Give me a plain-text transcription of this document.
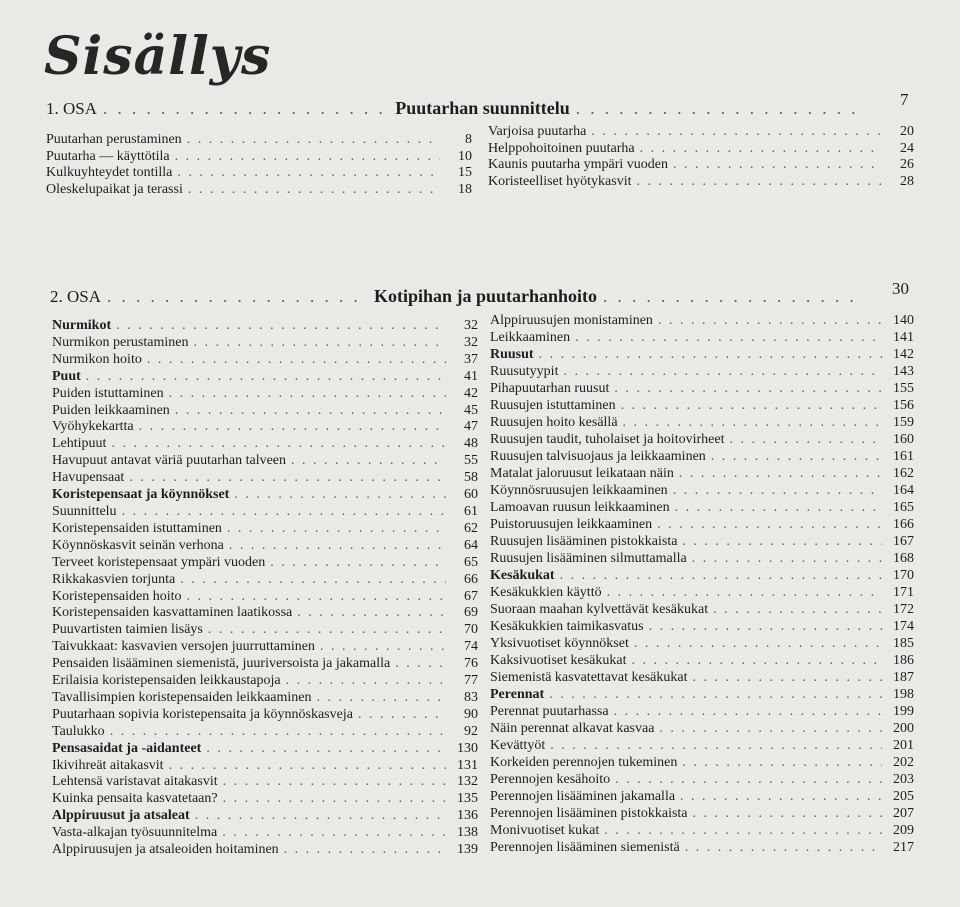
Sisällys
1. OSA . . .	Puutarhan suunnittelu . . .	7
Puutarhan perustaminen . . .	8
Puutarha — käyttötila . . .	10
Kulkuyhteydet tontilla . . .	15
Oleskelupaikat ja terassi . . .	18
Varjoisa puutarha . . .	20
Helppohoitoinen puutarha . . .	24
Kaunis puutarha ympäri vuoden . . .	26
Koristeelliset hyötykasvit . . .	28
2. OSA . . .	Kotipihan ja puutarhanhoito . . .	30
Nurmikot . . .	32
Nurmikon perustaminen . . .	32
Nurmikon hoito . . .	37
Puut . . .	41
Puiden istuttaminen . . .	42
Puiden leikkaaminen . . .	45
Vyöhykekartta . . .	47
Lehtipuut . . .	48
Havupuut antavat väriä puutarhan talveen . . .	55
Havupensaat . . .	58
Koristepensaat ja köynnökset . . .	60
Suunnittelu . . .	61
Koristepensaiden istuttaminen . . .	62
Köynnöskasvit seinän verhona . . .	64
Terveet koristepensaat ympäri vuoden . . .	65
Rikkakasvien torjunta . . .	66
Koristepensaiden hoito . . .	67
Koristepensaiden kasvattaminen laatikossa . . .	69
Puuvartisten taimien lisäys . . .	70
Taivukkaat: kasvavien versojen juurruttaminen . . .	74
Pensaiden lisääminen siemenistä, juuriversoista ja jakamalla . . .	76
Erilaisia koristepensaiden leikkaustapoja . . .	77
Tavallisimpien koristepensaiden leikkaaminen . . .	83
Puutarhaan sopivia koristepensaita ja köynnöskasveja . . .	90
Taulukko . . .	92
Pensasaidat ja -aidanteet . . .	130
Ikivihreät aitakasvit . . .	131
Lehtensä varistavat aitakasvit . . .	132
Kuinka pensaita kasvatetaan? . . .	135
Alppiruusut ja atsaleat . . .	136
Vasta-alkajan työsuunnitelma . . .	138
Alppiruusujen ja atsaleoiden hoitaminen . . .	139
Alppiruusujen monistaminen . . .	140
Leikkaaminen . . .	141
Ruusut . . .	142
Ruusutyypit . . .	143
Pihapuutarhan ruusut . . .	155
Ruusujen istuttaminen . . .	156
Ruusujen hoito kesällä . . .	159
Ruusujen taudit, tuholaiset ja hoitovirheet . . .	160
Ruusujen talvisuojaus ja leikkaaminen . . .	161
Matalat jaloruusut leikataan näin . . .	162
Köynnösruusujen leikkaaminen . . .	164
Lamoavan ruusun leikkaaminen . . .	165
Puistoruusujen leikkaaminen . . .	166
Ruusujen lisääminen pistokkaista . . .	167
Ruusujen lisääminen silmuttamalla . . .	168
Kesäkukat . . .	170
Kesäkukkien käyttö . . .	171
Suoraan maahan kylvettävät kesäkukat . . .	172
Kesäkukkien taimikasvatus . . .	174
Yksivuotiset köynnökset . . .	185
Kaksivuotiset kesäkukat . . .	186
Siemenistä kasvatettavat kesäkukat . . .	187
Perennat . . .	198
Perennat puutarhassa . . .	199
Näin perennat alkavat kasvaa . . .	200
Kevättyöt . . .	201
Korkeiden perennojen tukeminen . . .	202
Perennojen kesähoito . . .	203
Perennojen lisääminen jakamalla . . .	205
Perennojen lisääminen pistokkaista . . .	207
Monivuotiset kukat . . .	209
Perennojen lisääminen siemenistä . . .	217
